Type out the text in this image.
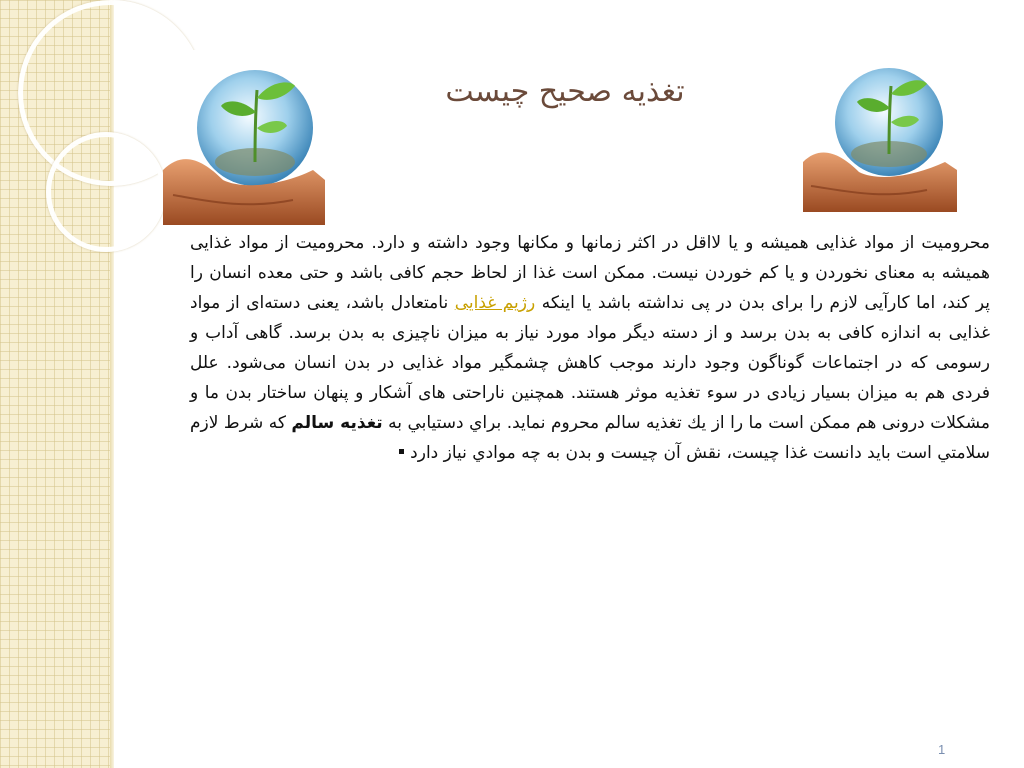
تغذیه صحیح چیست

محرومیت از مواد غذایی همیشه و یا لااقل در اکثر زمانها و مکانها وجود داشته و دارد. محرومیت از مواد غذایی همیشه به معنای نخوردن و یا کم خوردن نیست. ممکن است غذا از لحاظ حجم کافی باشد و حتی معده انسان را پر کند، اما کارآیی لازم را برای بدن در پی نداشته باشد یا اینکه رژیم غذایی نامتعادل باشد، یعنی دسته‌ای از مواد غذایی به اندازه کافی به بدن برسد و از دسته دیگر مواد مورد نیاز به میزان ناچیزی به بدن برسد. گاهی آداب و رسومی که در اجتماعات گوناگون وجود دارند موجب کاهش چشمگیر مواد غذایی در بدن انسان می‌شود. علل فردی هم به میزان بسیار زیادی در سوء تغذیه موثر هستند. همچنین ناراحتی های آشکار و پنهان ساختار بدن ما و مشکلات درونی هم ممکن است ما را از یك تغذیه سالم محروم نماید. براي دستيابي به تغذیه سالم كه شرط لازم سلامتي است بايد دانست غذا چيست، نقش آن چيست و بدن به چه موادي نياز دارد

1
